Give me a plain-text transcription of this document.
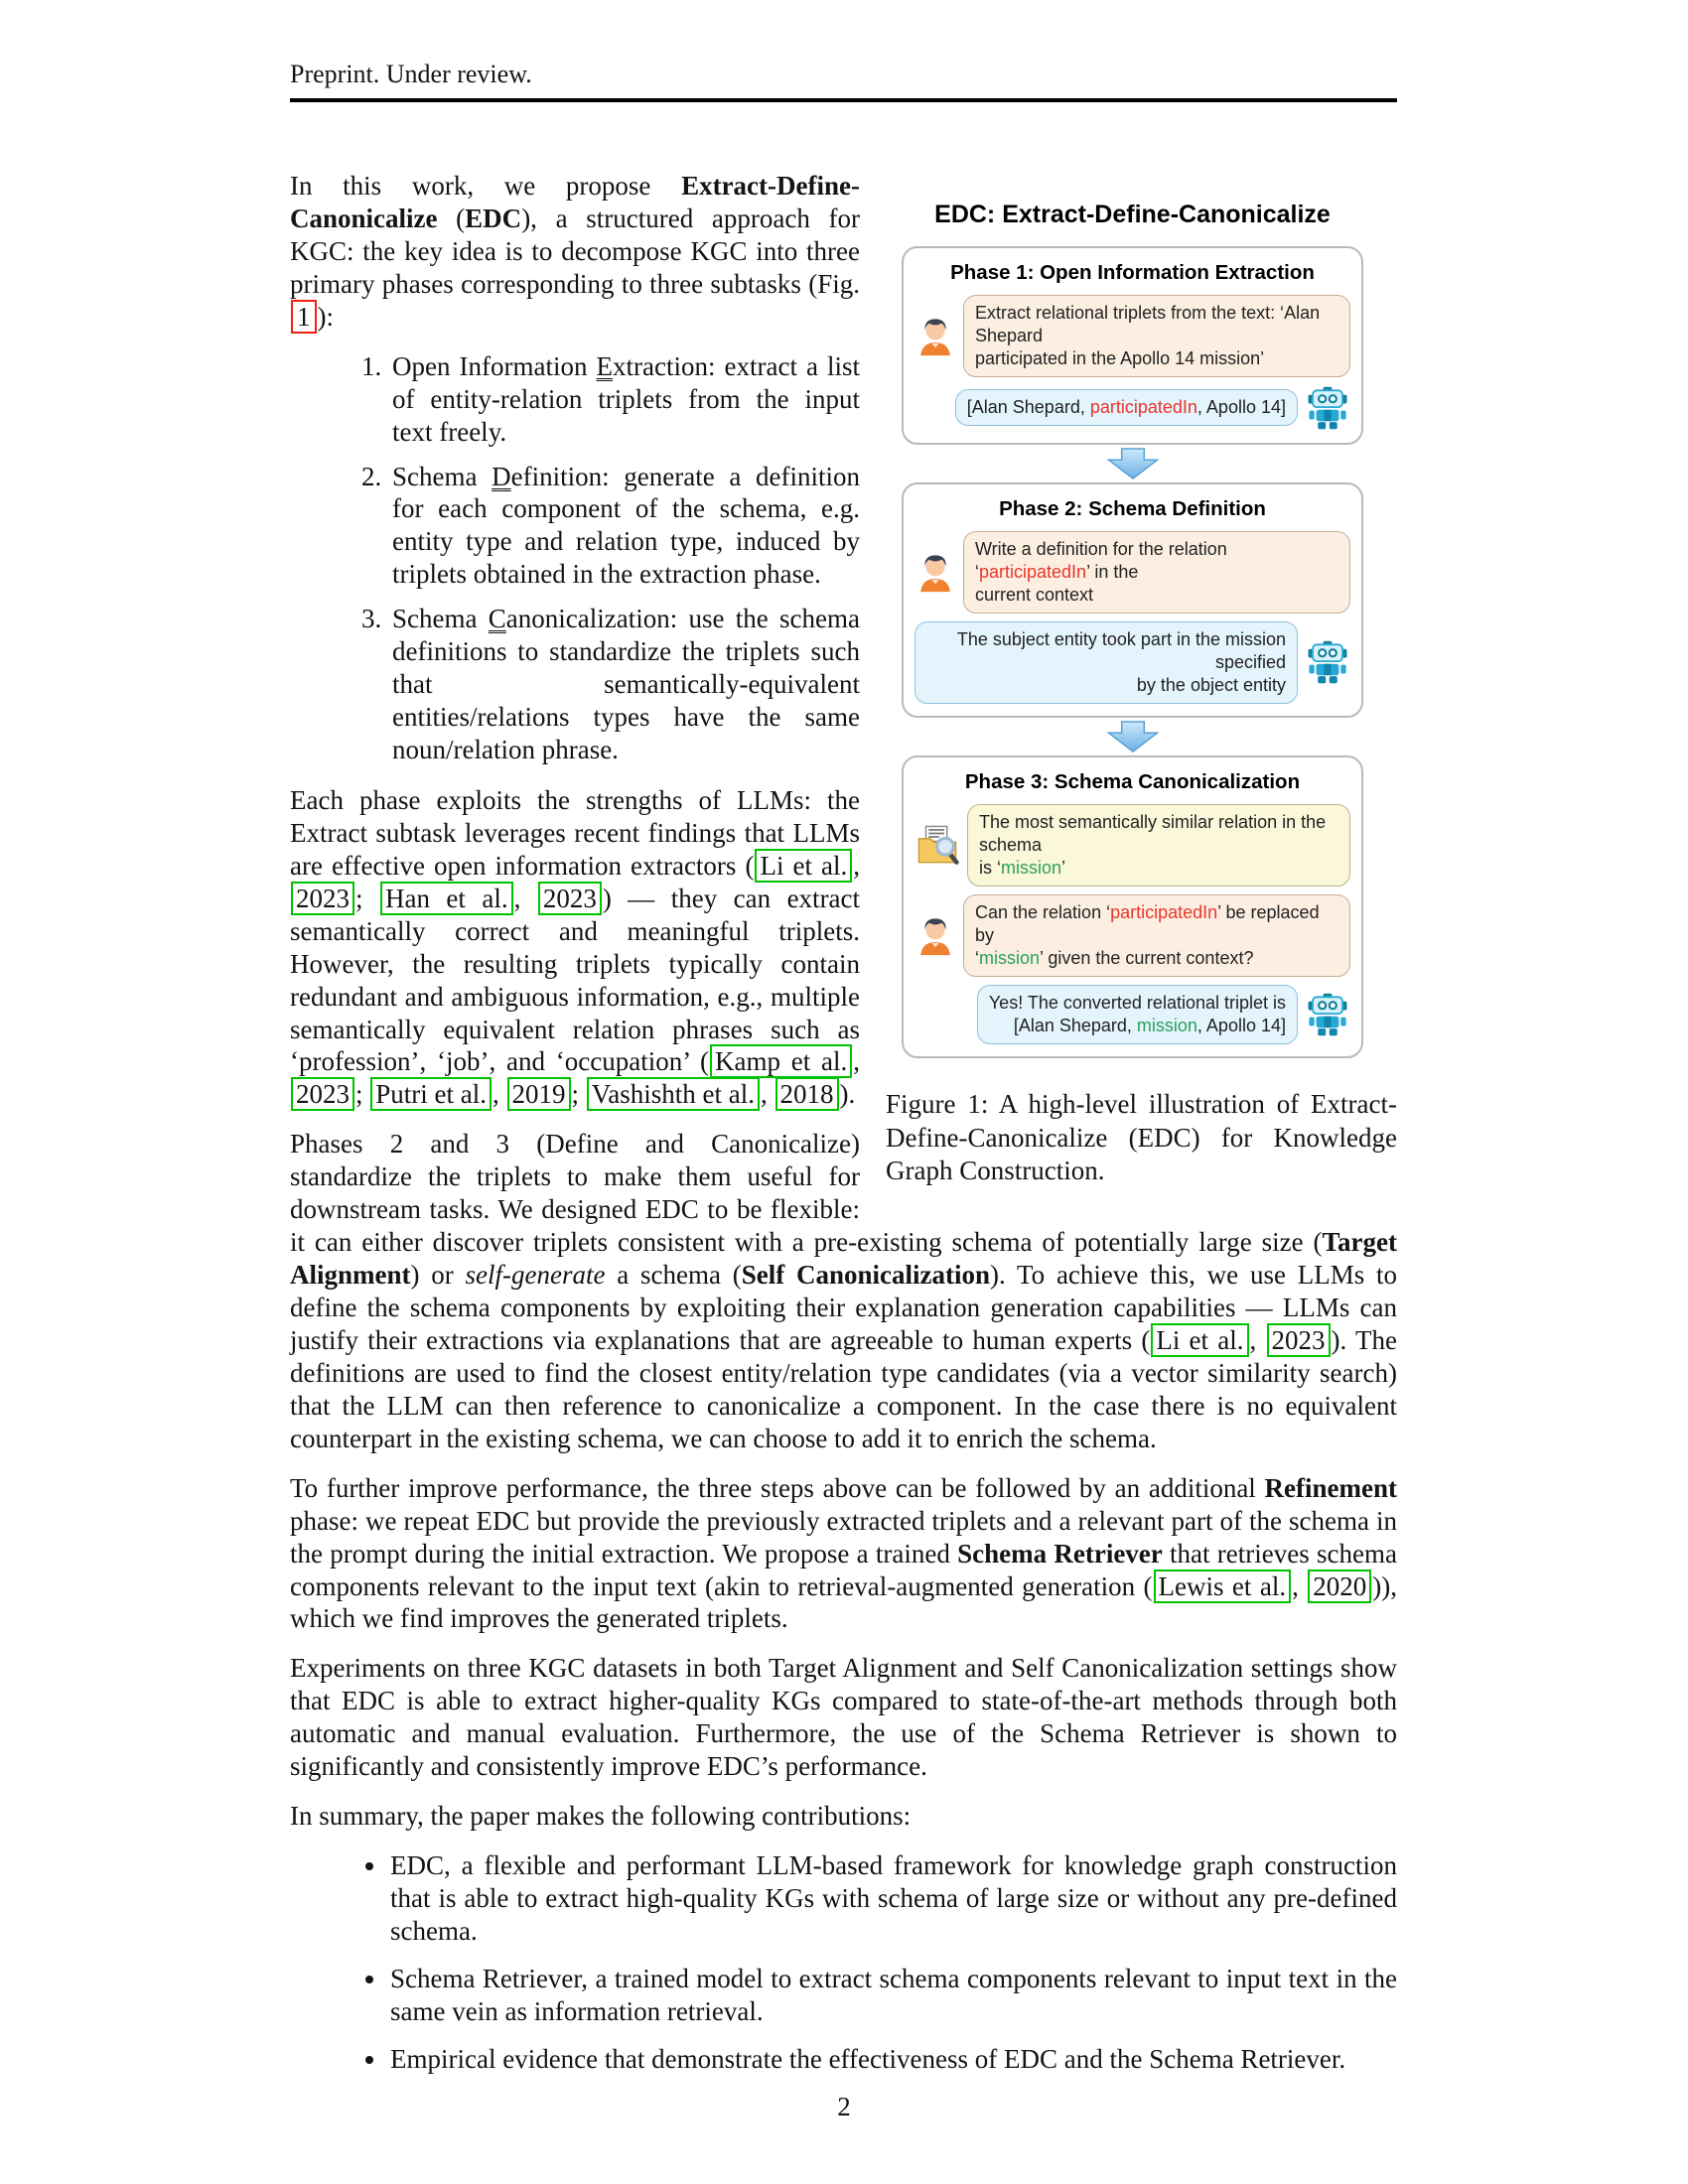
Preprint. Under review.
EDC: Extract-Define-Canonicalize
Phase 1: Open Information Extraction
Extract relational triplets from the text: ‘Alan Shepard
participated in the Apollo 14 mission’
[Alan Shepard, participatedIn, Apollo 14]
Phase 2: Schema Definition
Write a definition for the relation ‘participatedIn’ in the
current context
The subject entity took part in the mission specified
by the object entity
Phase 3: Schema Canonicalization
The most semantically similar relation in the schema
is ‘mission’
Can the relation ‘participatedIn’ be replaced by
‘mission’ given the current context?
Yes! The converted relational triplet is
[Alan Shepard, mission, Apollo 14]
Figure 1: A high-level illustration of Extract-Define-Canonicalize (EDC) for Knowledge Graph Construction.

In this work, we propose Extract-Define-Canonicalize (EDC), a structured approach for KGC: the key idea is to decompose KGC into three primary phases corresponding to three subtasks (Fig. 1 ):

1. Open Information Extraction: extract a list of entity-relation triplets from the input text freely.
2. Schema Definition: generate a definition for each component of the schema, e.g. entity type and relation type, induced by triplets obtained in the extraction phase.
3. Schema Canonicalization: use the schema definitions to standardize the triplets such that semantically-equivalent entities/relations types have the same noun/relation phrase.

Each phase exploits the strengths of LLMs: the Extract subtask leverages recent findings that LLMs are effective open information extractors ( Li et al. , 2023 ; Han et al. , 2023 ) — they can extract semantically correct and meaningful triplets. However, the resulting triplets typically contain redundant and ambiguous information, e.g., multiple semantically equivalent relation phrases such as ‘profession’, ‘job’, and ‘occupation’ ( Kamp et al. , 2023 ; Putri et al. , 2019 ; Vashishth et al. , 2018 ).

Phases 2 and 3 (Define and Canonicalize) standardize the triplets to make them useful for downstream tasks. We designed EDC to be flexible: it can either discover triplets consistent with a pre-existing schema of potentially large size (Target Alignment) or self-generate a schema (Self Canonicalization). To achieve this, we use LLMs to define the schema components by exploiting their explanation generation capabilities — LLMs can justify their extractions via explanations that are agreeable to human experts ( Li et al. , 2023 ). The definitions are used to find the closest entity/relation type candidates (via a vector similarity search) that the LLM can then reference to canonicalize a component. In the case there is no equivalent counterpart in the existing schema, we can choose to add it to enrich the schema.

To further improve performance, the three steps above can be followed by an additional Refinement phase: we repeat EDC but provide the previously extracted triplets and a relevant part of the schema in the prompt during the initial extraction. We propose a trained Schema Retriever that retrieves schema components relevant to the input text (akin to retrieval-augmented generation ( Lewis et al. , 2020 )), which we find improves the generated triplets.

Experiments on three KGC datasets in both Target Alignment and Self Canonicalization settings show that EDC is able to extract higher-quality KGs compared to state-of-the-art methods through both automatic and manual evaluation. Furthermore, the use of the Schema Retriever is shown to significantly and consistently improve EDC’s performance.

In summary, the paper makes the following contributions:

• EDC, a flexible and performant LLM-based framework for knowledge graph construction that is able to extract high-quality KGs with schema of large size or without any pre-defined schema.
• Schema Retriever, a trained model to extract schema components relevant to input text in the same vein as information retrieval.
• Empirical evidence that demonstrate the effectiveness of EDC and the Schema Retriever.
2
